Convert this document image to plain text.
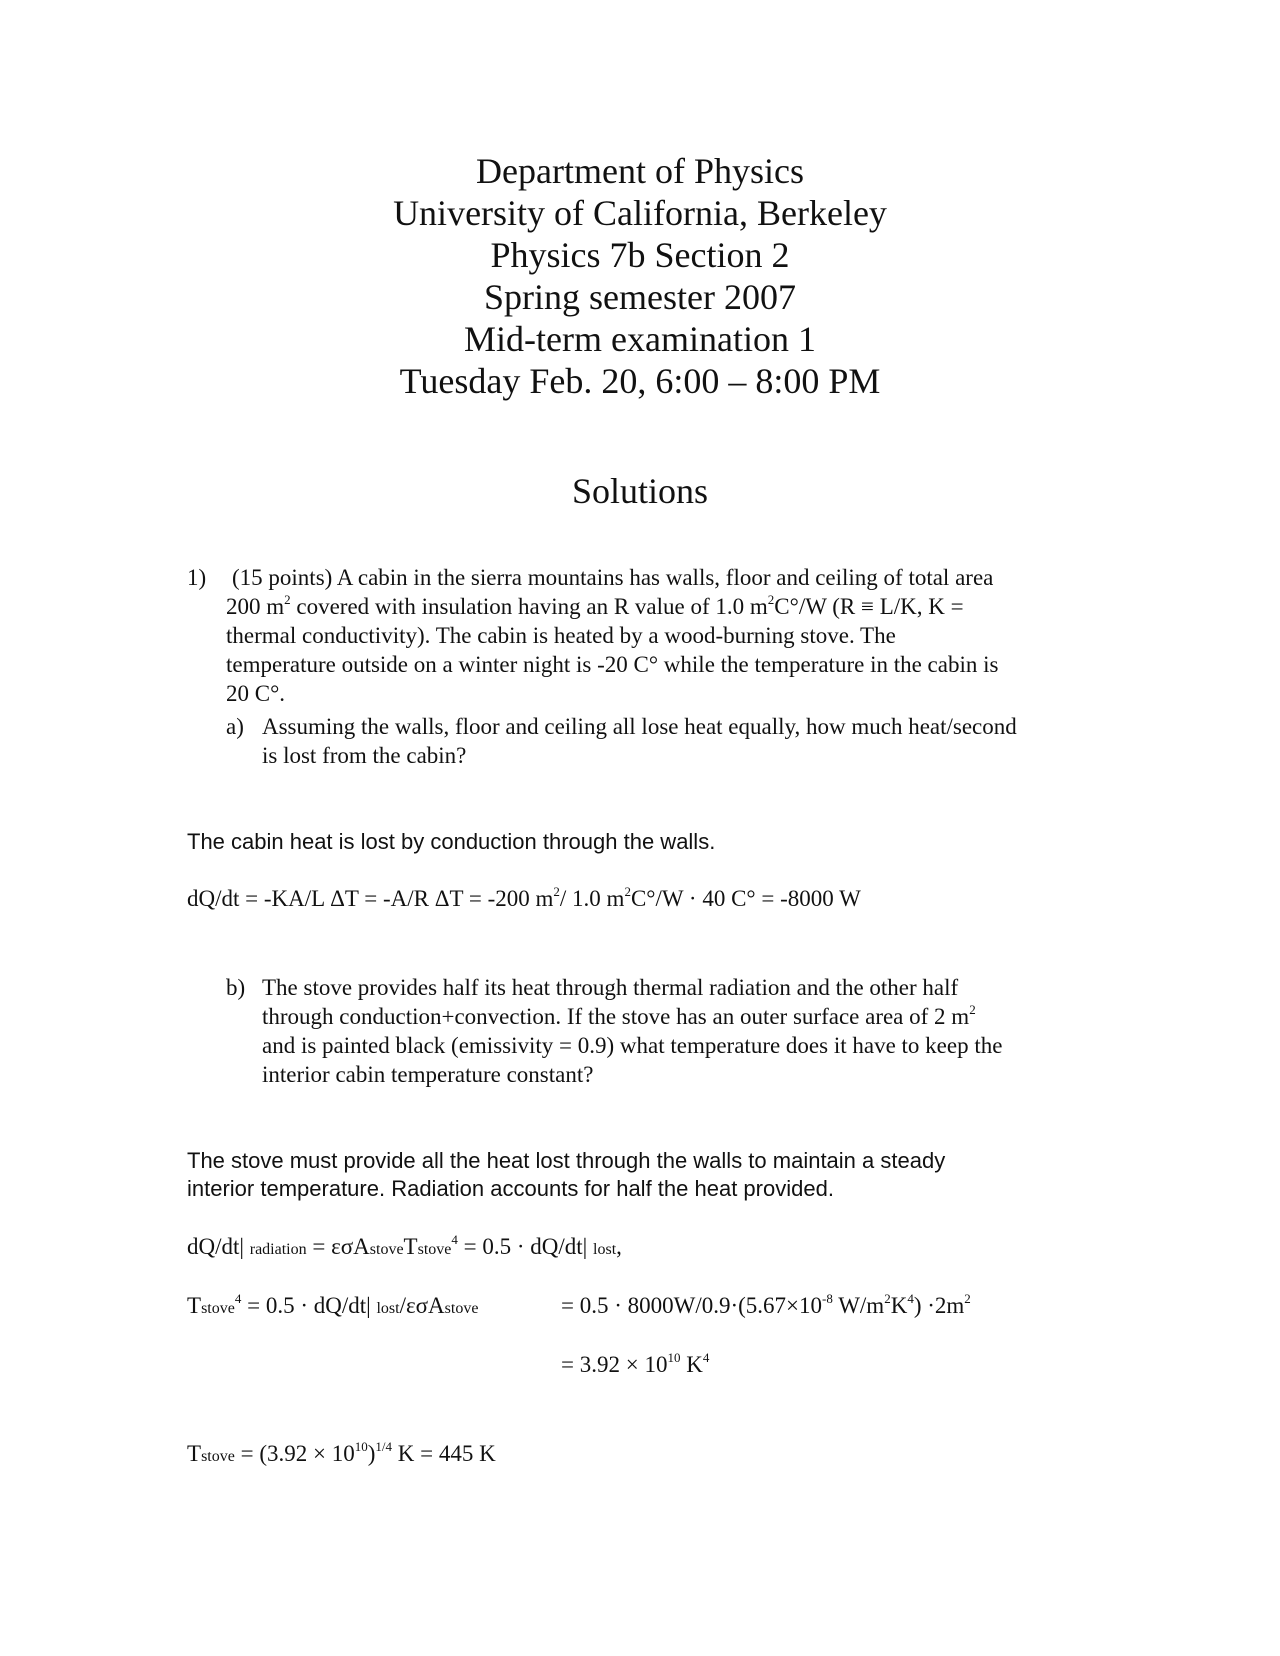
Department of Physics
University of California, Berkeley
Physics 7b Section 2
Spring semester 2007
Mid-term examination 1
Tuesday Feb. 20, 6:00 – 8:00 PM
Solutions
1) (15 points) A cabin in the sierra mountains has walls, floor and ceiling of total area
200 $m^2$ covered with insulation having an R value of 1.0 $m^2C^\circ/W$ (R ≡ L/K, K =
thermal conductivity). The cabin is heated by a wood-burning stove. The
temperature outside on a winter night is -20 C° while the temperature in the cabin is
20 C°.
a) Assuming the walls, floor and ceiling all lose heat equally, how much heat/second
is lost from the cabin?
The cabin heat is lost by conduction through the walls.
dQ/dt = -KA/L ΔT = -A/R ΔT = -200 $m^2/$ 1.0 $m^2C^\circ/W \cdot 40$ C° = -8000 W
b) The stove provides half its heat through thermal radiation and the other half
through conduction+convection. If the stove has an outer surface area of 2 $m^2$
and is painted black (emissivity = 0.9) what temperature does it have to keep the
interior cabin temperature constant?
The stove must provide all the heat lost through the walls to maintain a steady
interior temperature. Radiation accounts for half the heat provided.
dQ/dt| radiation = εσAstoveTstove$^4$ = 0.5 · dQ/dt| lost,
Tstove$^4$ = 0.5 · dQ/dt| lost/εσAstove	= $0.5 \cdot 8000W/0.9\cdot(5.67\times 10^{-8}$ $W/m^2K^4) \cdot 2m^2$
= $3.92 \times 10^{10}$ $K^4$
Tstove = $(3.92 \times 10^{10})^{1/4}$ K = 445 K
